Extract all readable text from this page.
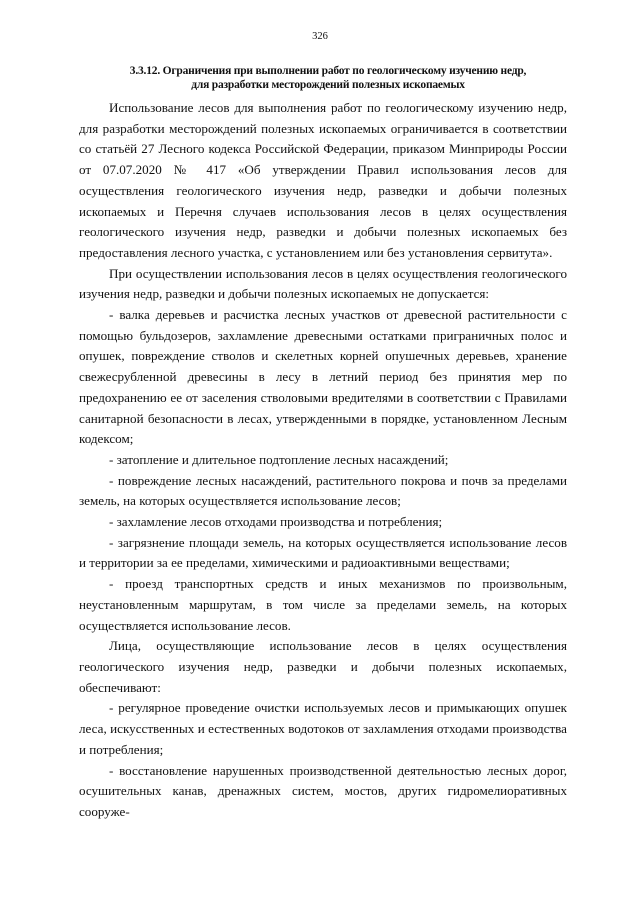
326
3.3.12. Ограничения при выполнении работ по геологическому изучению недр,
для разработки месторождений полезных ископаемых

Использование лесов для выполнения работ по геологическому изучению недр, для разработки месторождений полезных ископаемых ограничивается в соответствии со статьёй 27 Лесного кодекса Российской Федерации, приказом Минприроды России от 07.07.2020 № 417 «Об утверждении Правил использования лесов для осуществления геологического изучения недр, разведки и добычи полезных ископаемых и Перечня случаев использования лесов в целях осуществления геологического изучения недр, разведки и добычи полезных ископаемых без предоставления лесного участка, с установлением или без установления сервитута».

При осуществлении использования лесов в целях осуществления геологического изучения недр, разведки и добычи полезных ископаемых не допускается:

- валка деревьев и расчистка лесных участков от древесной растительности с помощью бульдозеров, захламление древесными остатками приграничных полос и опушек, повреждение стволов и скелетных корней опушечных деревьев, хранение свежесрубленной древесины в лесу в летний период без принятия мер по предохранению ее от заселения стволовыми вредителями в соответствии с Правилами санитарной безопасности в лесах, утвержденными в порядке, установленном Лесным кодексом;

- затопление и длительное подтопление лесных насаждений;

- повреждение лесных насаждений, растительного покрова и почв за пределами земель, на которых осуществляется использование лесов;

- захламление лесов отходами производства и потребления;

- загрязнение площади земель, на которых осуществляется использование лесов и территории за ее пределами, химическими и радиоактивными веществами;

- проезд транспортных средств и иных механизмов по произвольным, неустановленным маршрутам, в том числе за пределами земель, на которых осуществляется использование лесов.

Лица, осуществляющие использование лесов в целях осуществления геологического изучения недр, разведки и добычи полезных ископаемых, обеспечивают:

- регулярное проведение очистки используемых лесов и примыкающих опушек леса, искусственных и естественных водотоков от захламления отходами производства и потребления;

- восстановление нарушенных производственной деятельностью лесных дорог, осушительных канав, дренажных систем, мостов, других гидромелиоративных сооруже-
